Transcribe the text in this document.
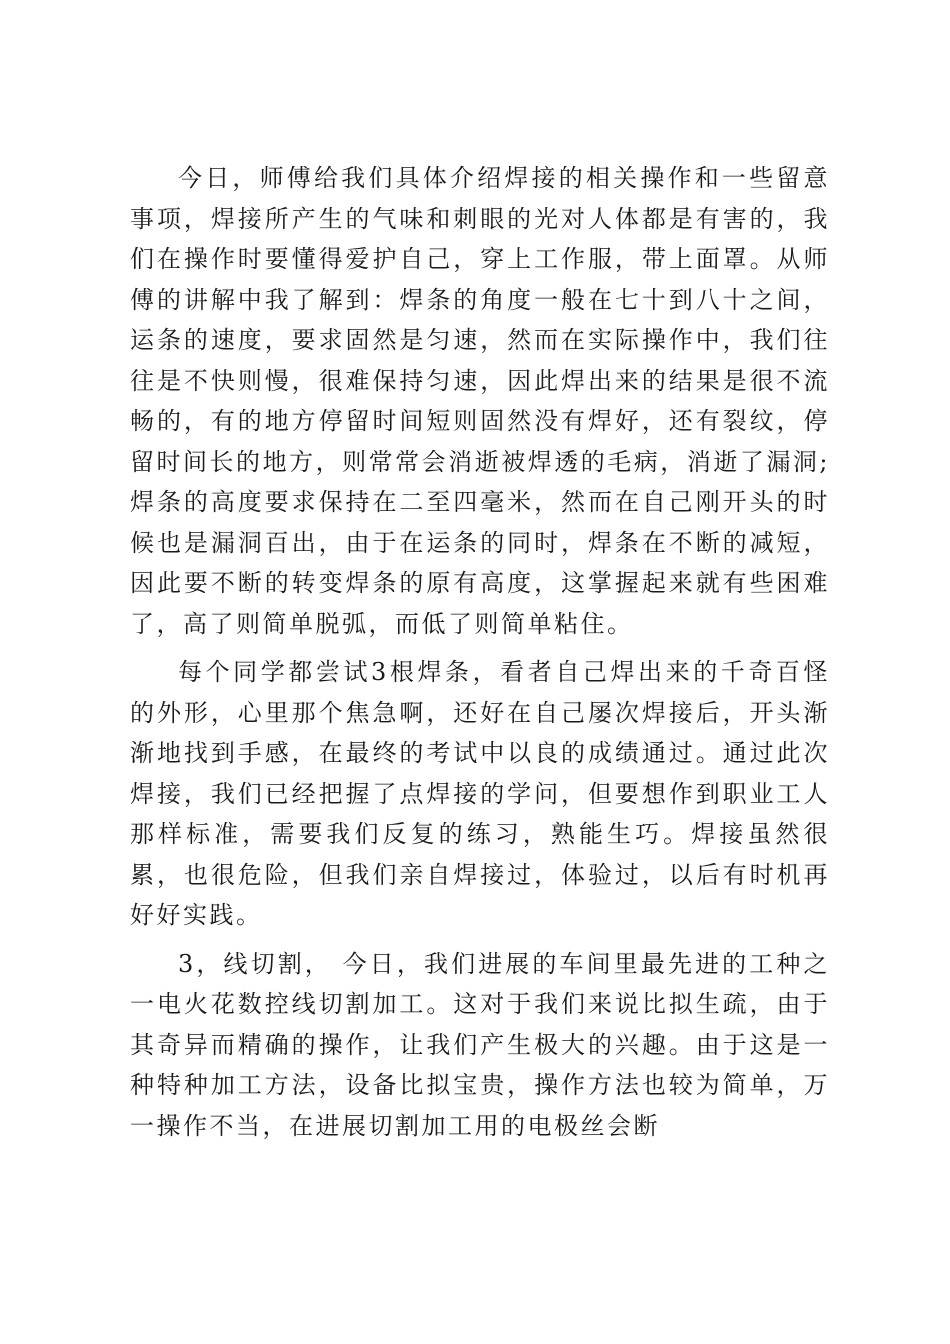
今日，师傅给我们具体介绍焊接的相关操作和一些留意事项，焊接所产生的气味和刺眼的光对人体都是有害的，我们在操作时要懂得爱护自己，穿上工作服，带上面罩。从师傅的讲解中我了解到：焊条的角度一般在七十到八十之间，运条的速度，要求固然是匀速，然而在实际操作中，我们往往是不快则慢，很难保持匀速，因此焊出来的结果是很不流畅的，有的地方停留时间短则固然没有焊好，还有裂纹，停留时间长的地方，则常常会消逝被焊透的毛病，消逝了漏洞;焊条的高度要求保持在二至四毫米，然而在自己刚开头的时候也是漏洞百出，由于在运条的同时，焊条在不断的减短，因此要不断的转变焊条的原有高度，这掌握起来就有些困难了，高了则简单脱弧，而低了则简单粘住。

每个同学都尝试3根焊条，看者自己焊出来的千奇百怪的外形，心里那个焦急啊，还好在自己屡次焊接后，开头渐渐地找到手感，在最终的考试中以良的成绩通过。通过此次焊接，我们已经把握了点焊接的学问，但要想作到职业工人那样标准，需要我们反复的练习，熟能生巧。焊接虽然很累，也很危险，但我们亲自焊接过，体验过，以后有时机再好好实践。

3，线切割， 今日，我们进展的车间里最先进的工种之一电火花数控线切割加工。这对于我们来说比拟生疏，由于其奇异而精确的操作，让我们产生极大的兴趣。由于这是一种特种加工方法，设备比拟宝贵，操作方法也较为简单，万一操作不当，在进展切割加工用的电极丝会断
